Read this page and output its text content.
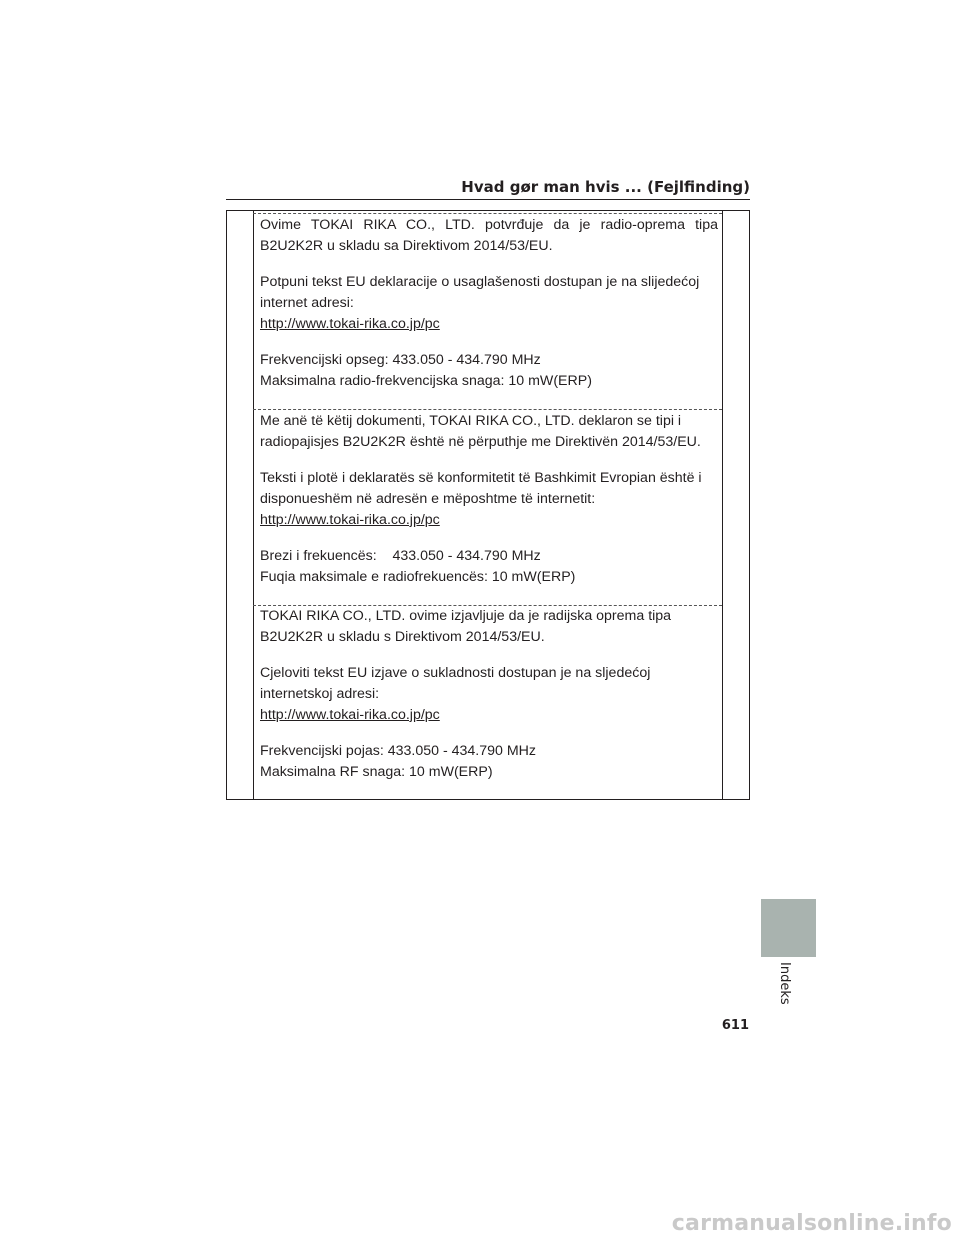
Hvad gør man hvis ... (Fejlfinding)

Ovime TOKAI RIKA CO., LTD. potvrđuje da je radio-oprema tipa B2U2K2R u skladu sa Direktivom 2014/53/EU.

Potpuni tekst EU deklaracije o usaglašenosti dostupan je na slijedećoj internet adresi:

http://www.tokai-rika.co.jp/pc

Frekvencijski opseg: 433.050 - 434.790 MHz

Maksimalna radio-frekvencijska snaga: 10 mW(ERP)

Me anë të këtij dokumenti, TOKAI RIKA CO., LTD. deklaron se tipi i radiopajisjes B2U2K2R është në përputhje me Direktivën 2014/53/EU.

Teksti i plotë i deklaratës së konformitetit të Bashkimit Evropian është i disponueshëm në adresën e mëposhtme të internetit:

http://www.tokai-rika.co.jp/pc

Brezi i frekuencës:    433.050 - 434.790 MHz

Fuqia maksimale e radiofrekuencës: 10 mW(ERP)

TOKAI RIKA CO., LTD. ovime izjavljuje da je radijska oprema tipa B2U2K2R u skladu s Direktivom 2014/53/EU.

Cjeloviti tekst EU izjave o sukladnosti dostupan je na sljedećoj internetskoj adresi:

http://www.tokai-rika.co.jp/pc

Frekvencijski pojas: 433.050 - 434.790 MHz

Maksimalna RF snaga: 10 mW(ERP)

Indeks
611
carmanualsonline.info
